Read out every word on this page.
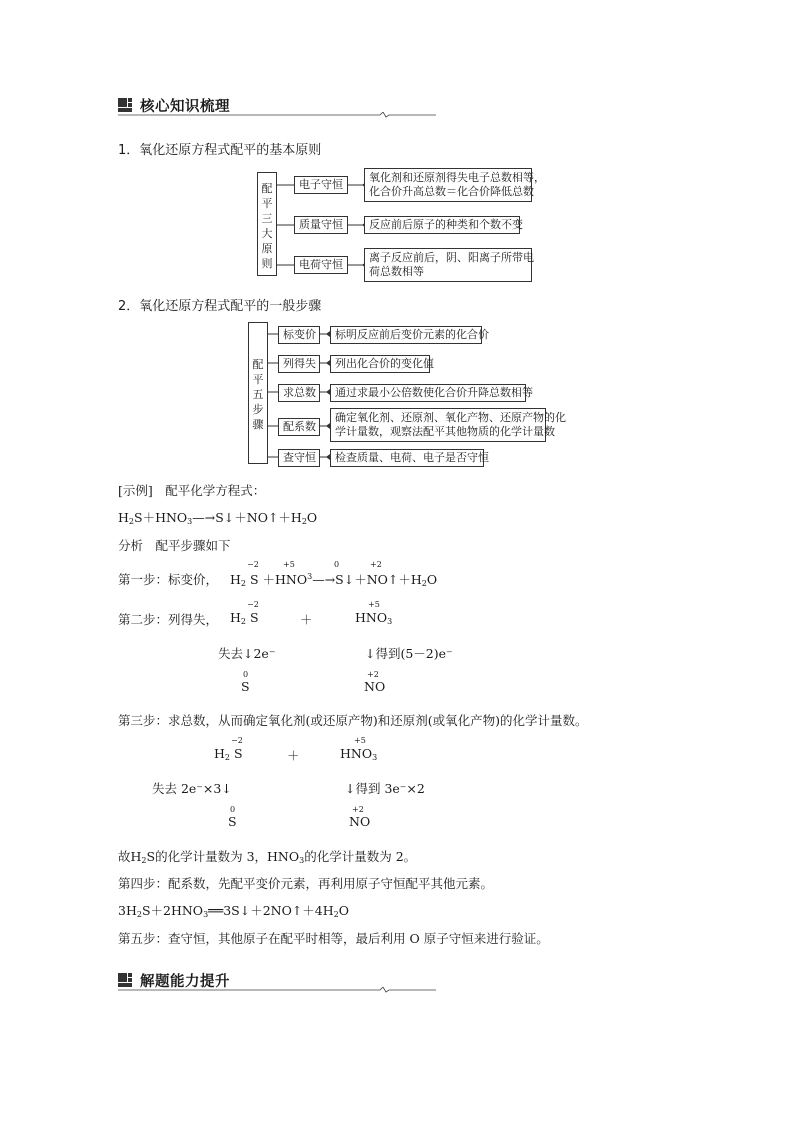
核心知识梳理
1．氧化还原方程式配平的基本原则
配
平
三
大
原
则
电子守恒
质量守恒
电荷守恒
氧化剂和还原剂得失电子总数相等，
化合价升高总数＝化合价降低总数
反应前后原子的种类和个数不变
离子反应前后，阴、阳离子所带电
荷总数相等
2．氧化还原方程式配平的一般步骤
配
平
五
步
骤
标变价
列得失
求总数
配系数
查守恒
标明反应前后变价元素的化合价
列出化合价的变化值
通过求最小公倍数使化合价升降总数相等
确定氧化剂、还原剂、氧化产物、还原产物的化
学计量数，观察法配平其他物质的化学计量数
检查质量、电荷、电子是否守恒
[示例]　配平化学方程式：
$H_2S+HNO_3—\to S↓+NO↑+H_2O$
分析　配平步骤如下
第一步：标变价， $H_2$ $S +HNO^3—\to S↓+NO↑+H_2O$
−2	+5	0	+2
第二步：列得失， $H_2$ S
−2
＋	$HNO_3$
+5
失去↓2e⁻	↓得到(5－2)e⁻
0
S
+2
NO
第三步：求总数，从而确定氧化剂(或还原产物)和还原剂(或氧化产物)的化学计量数。
$H_2$ S
−2
＋	$HNO_3$
+5
失去 2e⁻×3↓	↓得到 3e⁻×2
0
S
+2
NO
故$H_2S$的化学计量数为 3，$HNO_3$的化学计量数为 2。
第四步：配系数，先配平变价元素，再利用原子守恒配平其他元素。
$3H_2S+2HNO_3══3S↓+2NO↑+4H_2O$
第五步：查守恒，其他原子在配平时相等，最后利用 O 原子守恒来进行验证。
解题能力提升
